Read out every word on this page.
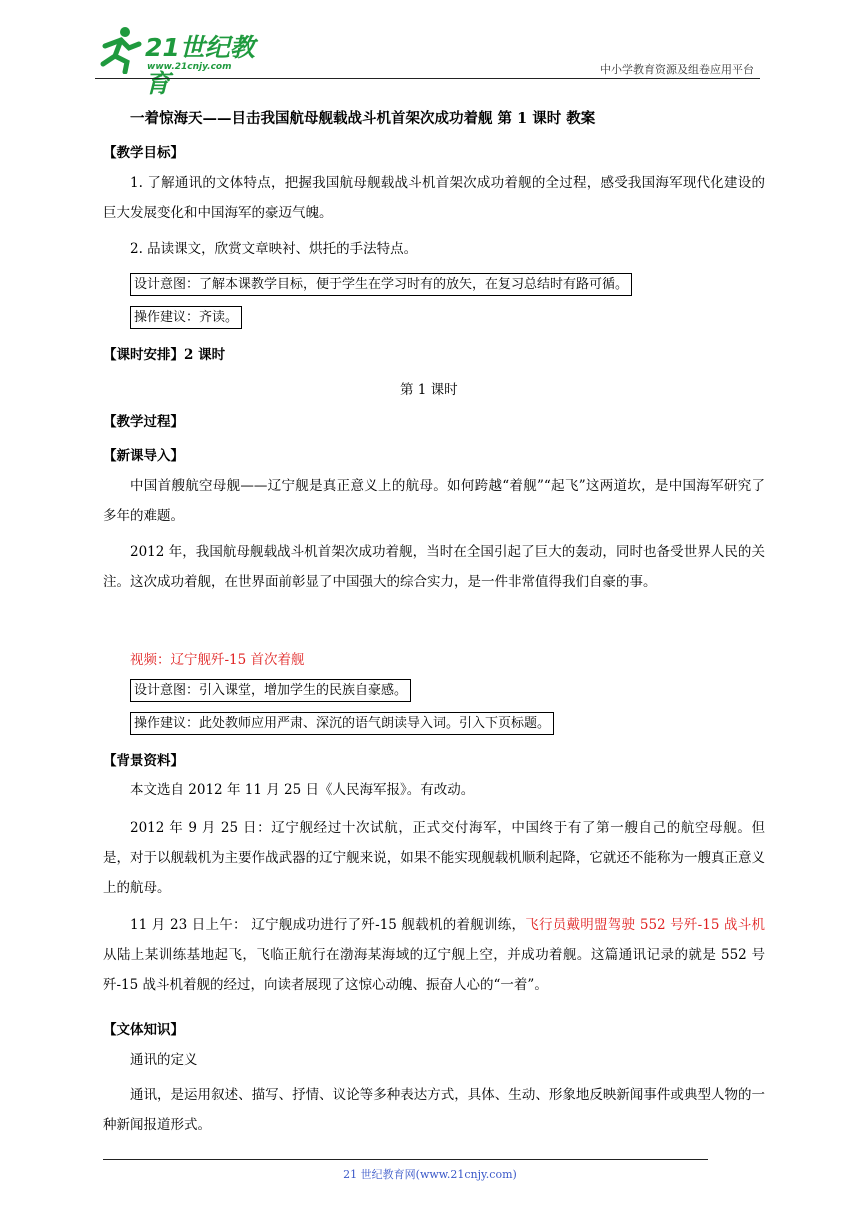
21世纪教育
www.21cnjy.com	中小学教育资源及组卷应用平台
一着惊海天——目击我国航母舰载战斗机首架次成功着舰 第 1 课时 教案
【教学目标】
1. 了解通讯的文体特点，把握我国航母舰载战斗机首架次成功着舰的全过程，感受我国海军现代化建设的巨大发展变化和中国海军的豪迈气魄。
2. 品读课文，欣赏文章映衬、烘托的手法特点。
设计意图：了解本课教学目标，便于学生在学习时有的放矢，在复习总结时有路可循。
操作建议：齐读。
【课时安排】2 课时
第 1 课时
【教学过程】
【新课导入】
中国首艘航空母舰——辽宁舰是真正意义上的航母。如何跨越“着舰”“起飞”这两道坎，是中国海军研究了多年的难题。
2012 年，我国航母舰载战斗机首架次成功着舰，当时在全国引起了巨大的轰动，同时也备受世界人民的关注。这次成功着舰，在世界面前彰显了中国强大的综合实力，是一件非常值得我们自豪的事。
视频：辽宁舰歼-15 首次着舰
设计意图：引入课堂，增加学生的民族自豪感。
操作建议：此处教师应用严肃、深沉的语气朗读导入词。引入下页标题。
【背景资料】
本文选自 2012 年 11 月 25 日《人民海军报》。有改动。
2012 年 9 月 25 日：辽宁舰经过十次试航，正式交付海军，中国终于有了第一艘自己的航空母舰。但是，对于以舰载机为主要作战武器的辽宁舰来说，如果不能实现舰载机顺利起降，它就还不能称为一艘真正意义上的航母。
11 月 23 日上午： 辽宁舰成功进行了歼-15 舰载机的着舰训练，飞行员戴明盟驾驶 552 号歼-15 战斗机从陆上某训练基地起飞，飞临正航行在渤海某海域的辽宁舰上空，并成功着舰。这篇通讯记录的就是 552 号歼-15 战斗机着舰的经过，向读者展现了这惊心动魄、振奋人心的“一着”。
【文体知识】
通讯的定义
通讯，是运用叙述、描写、抒情、议论等多种表达方式，具体、生动、形象地反映新闻事件或典型人物的一种新闻报道形式。
21 世纪教育网(www.21cnjy.com)
